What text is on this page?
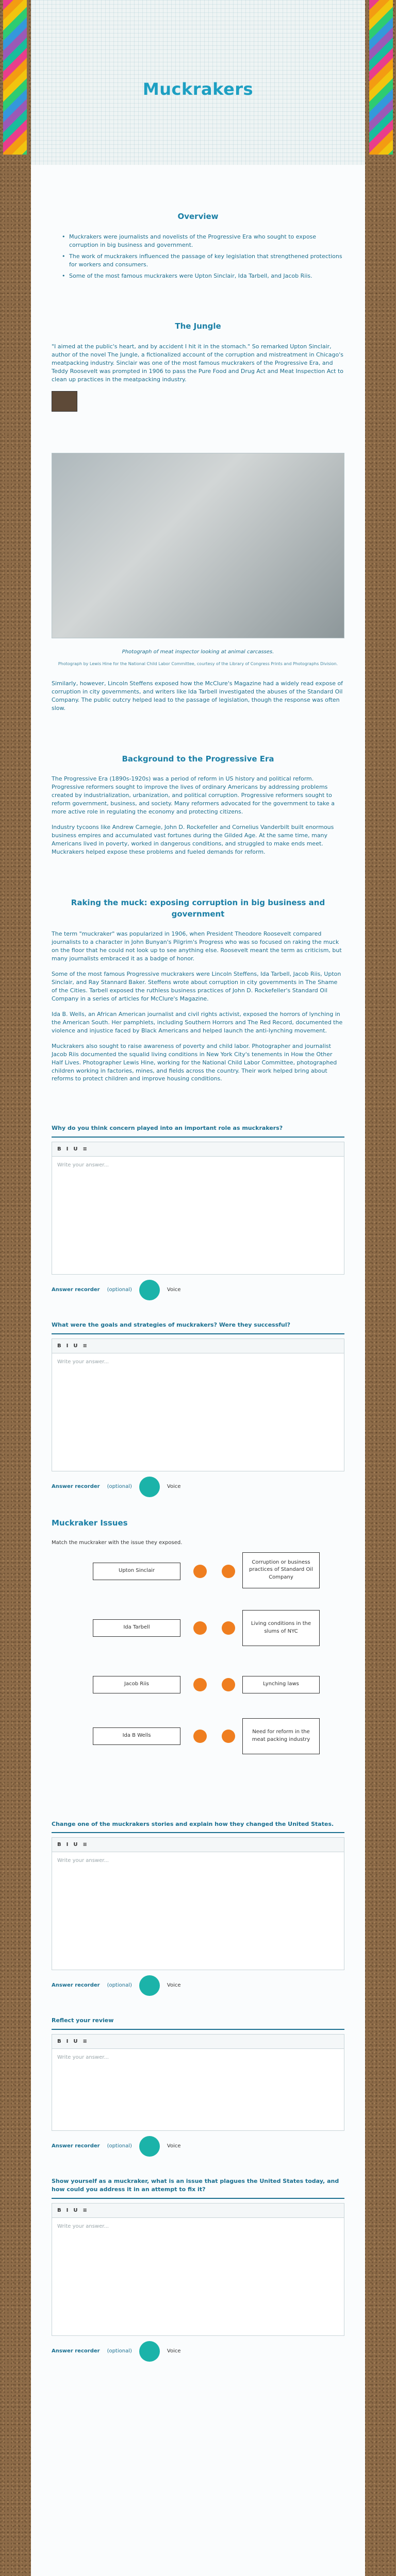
Muckrakers
Overview
• Muckrakers were journalists and novelists of the Progressive Era who sought to expose corruption in big business and government.
• The work of muckrakers influenced the passage of key legislation that strengthened protections for workers and consumers.
• Some of the most famous muckrakers were Upton Sinclair, Ida Tarbell, and Jacob Riis.
The Jungle

"I aimed at the public's heart, and by accident I hit it in the stomach." So remarked Upton Sinclair, author of the novel The Jungle, a fictionalized account of the corruption and mistreatment in Chicago's meatpacking industry. Sinclair was one of the most famous muckrakers of the Progressive Era, and Teddy Roosevelt was prompted in 1906 to pass the Pure Food and Drug Act and Meat Inspection Act to clean up practices in the meatpacking industry.

Photograph of meat inspector looking at animal carcasses.
Photograph by Lewis Hine for the National Child Labor Committee, courtesy of the Library of Congress Prints and Photographs Division.

Similarly, however, Lincoln Steffens exposed how the McClure's Magazine had a widely read expose of corruption in city governments, and writers like Ida Tarbell investigated the abuses of the Standard Oil Company. The public outcry helped lead to the passage of legislation, though the response was often slow.

Background to the Progressive Era

The Progressive Era (1890s-1920s) was a period of reform in US history and political reform. Progressive reformers sought to improve the lives of ordinary Americans by addressing problems created by industrialization, urbanization, and political corruption. Progressive reformers sought to reform government, business, and society. Many reformers advocated for the government to take a more active role in regulating the economy and protecting citizens.

Industry tycoons like Andrew Carnegie, John D. Rockefeller and Cornelius Vanderbilt built enormous business empires and accumulated vast fortunes during the Gilded Age. At the same time, many Americans lived in poverty, worked in dangerous conditions, and struggled to make ends meet. Muckrakers helped expose these problems and fueled demands for reform.

Raking the muck: exposing corruption in big business and government

The term "muckraker" was popularized in 1906, when President Theodore Roosevelt compared journalists to a character in John Bunyan's Pilgrim's Progress who was so focused on raking the muck on the floor that he could not look up to see anything else. Roosevelt meant the term as criticism, but many journalists embraced it as a badge of honor.

Some of the most famous Progressive muckrakers were Lincoln Steffens, Ida Tarbell, Jacob Riis, Upton Sinclair, and Ray Stannard Baker. Steffens wrote about corruption in city governments in The Shame of the Cities. Tarbell exposed the ruthless business practices of John D. Rockefeller's Standard Oil Company in a series of articles for McClure's Magazine.

Ida B. Wells, an African American journalist and civil rights activist, exposed the horrors of lynching in the American South. Her pamphlets, including Southern Horrors and The Red Record, documented the violence and injustice faced by Black Americans and helped launch the anti-lynching movement.

Muckrakers also sought to raise awareness of poverty and child labor. Photographer and journalist Jacob Riis documented the squalid living conditions in New York City's tenements in How the Other Half Lives. Photographer Lewis Hine, working for the National Child Labor Committee, photographed children working in factories, mines, and fields across the country. Their work helped bring about reforms to protect children and improve housing conditions.

Why do you think concern played into an important role as muckrakers?
B I U ≡
Write your answer...
Answer recorder (optional)	Voice
What were the goals and strategies of muckrakers? Were they successful?
B I U ≡
Write your answer...
Answer recorder (optional)	Voice
Muckraker Issues
Match the muckraker with the issue they exposed.
Upton Sinclair
Corruption or business practices of Standard Oil Company
Ida Tarbell
Living conditions in the slums of NYC
Jacob Riis	Lynching laws
Ida B Wells
Need for reform in the meat packing industry
Change one of the muckrakers stories and explain how they changed the United States.
B I U ≡
Write your answer...
Answer recorder (optional)	Voice
Reflect your review
B I U ≡
Write your answer...
Answer recorder (optional)	Voice
Show yourself as a muckraker, what is an issue that plagues the United States today, and how could you address it in an attempt to fix it?
B I U ≡
Write your answer...
Answer recorder (optional)	Voice
